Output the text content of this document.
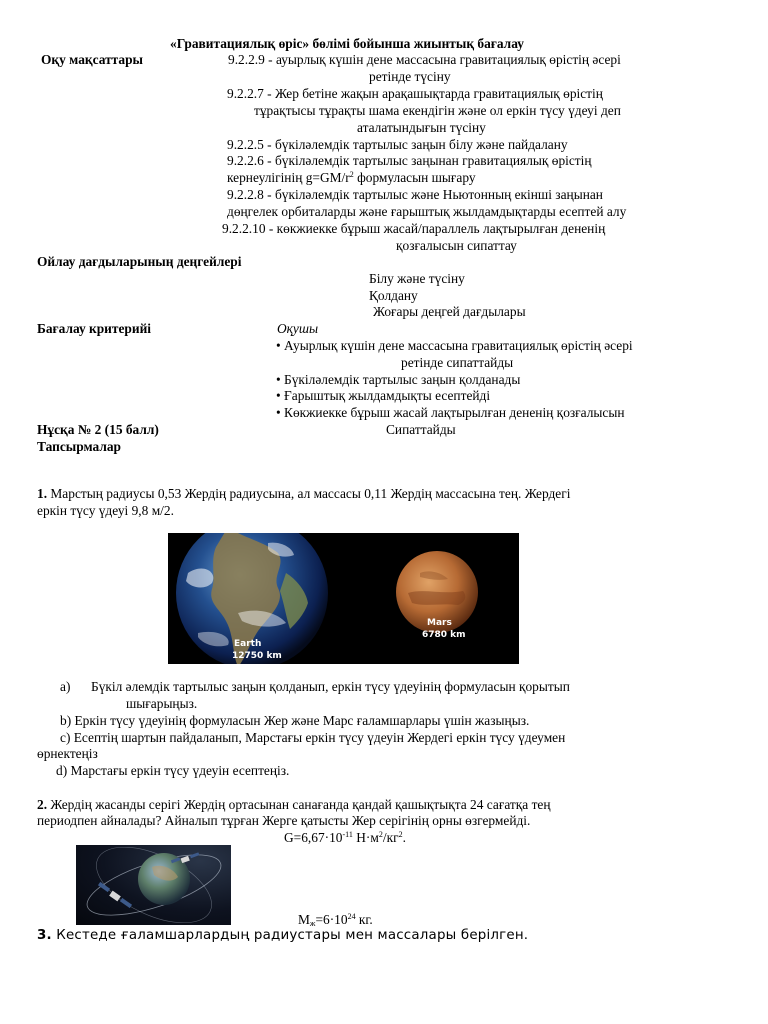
«Гравитациялық өріс» бөлімі бойынша жиынтық бағалау
Оқу мақсаттары	9.2.2.9 - ауырлық күшін дене массасына гравитациялық өрістің әсері
ретінде түсіну
9.2.2.7 - Жер бетіне жақын арақашықтарда гравитациялық өрістің
тұрақтысы тұрақты шама екендігін және ол еркін түсу үдеуі деп
аталатындығын түсіну
9.2.2.5 - бүкіләлемдік тартылыс заңын білу және пайдалану
9.2.2.6 - бүкіләлемдік тартылыс заңынан гравитациялық өрістің
кернеулігінің $g=GM/r^2$ формуласын шығару
9.2.2.8 - бүкіләлемдік тартылыс және Ньютонның екінші заңынан
дөңгелек орбиталарды және ғарыштық жылдамдықтарды есептей алу
9.2.2.10 - көкжиекке бұрыш жасай/параллель лақтырылған дененің
қозғалысын сипаттау
Ойлау дағдыларының деңгейлері
Білу және түсіну
Қолдану
Жоғары деңгей дағдылары
Бағалау критерийі	Оқушы
• Ауырлық күшін дене массасына гравитациялық өрістің әсері
ретінде сипаттайды
• Бүкіләлемдік тартылыс заңын қолданады
• Ғарыштық жылдамдықты есептейді
• Көкжиекке бұрыш жасай лақтырылған дененің қозғалысын
Сипаттайды
Нұсқа № 2 (15 балл)
Тапсырмалар
1. Марстың радиусы 0,53 Жердің радиусына, ал массасы 0,11 Жердің массасына тең. Жердегі
еркін түсу үдеуі 9,8 м/2.
Earth
12750 km
Mars
6780 km
a) Бүкіл әлемдік тартылыс заңын қолданып, еркін түсу үдеуінің формуласын қорытып
шығарыңыз.
b) Еркін түсу үдеуінің формуласын Жер және Марс ғаламшарлары үшін жазыңыз.
c) Есептің шартын пайдаланып, Марстағы еркін түсу үдеуін Жердегі еркін түсу үдеумен
өрнектеңіз
d) Марстағы еркін түсу үдеуін есептеңіз.
2. Жердің жасанды серігі Жердің ортасынан санағанда қандай қашықтықта 24 сағатқа тең
периодпен айналады? Айналып тұрған Жерге қатысты Жер серігінің орны өзгермейді.
$G=6,67\cdot 10^{-11}$ $Н\cdot м^2/кг^2$.
$M_ж=6\cdot 10^{24}$ кг.
3. Кестеде ғаламшарлардың радиустары мен массалары берілген.
